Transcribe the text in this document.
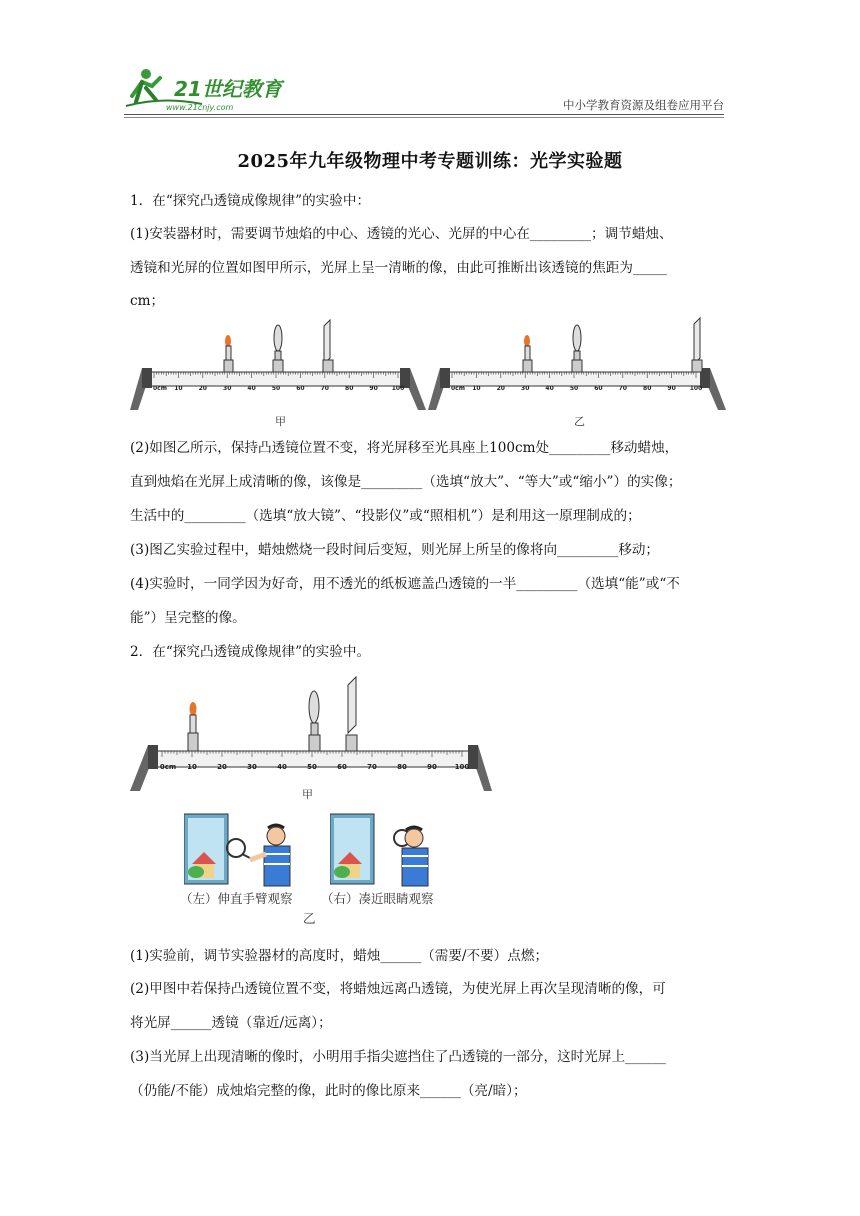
21世纪教育
www.21cnjy.com	中小学教育资源及组卷应用平台
2025年九年级物理中考专题训练：光学实验题
1．在“探究凸透镜成像规律”的实验中：
(1)安装器材时，需要调节烛焰的中心、透镜的光心、光屏的中心在_________；调节蜡烛、
透镜和光屏的位置如图甲所示，光屏上呈一清晰的像，由此可推断出该透镜的焦距为_____
cm；
0cm 10	20	30	40	50	60	70	80	90 100
甲
0cm 10	20	30	40	50	60	70	80	90 100
乙
(2)如图乙所示，保持凸透镜位置不变，将光屏移至光具座上100cm处_________移动蜡烛，
直到烛焰在光屏上成清晰的像，该像是_________（选填“放大”、“等大”或“缩小”）的实像；
生活中的_________（选填“放大镜”、“投影仪”或“照相机”）是利用这一原理制成的；
(3)图乙实验过程中，蜡烛燃烧一段时间后变短，则光屏上所呈的像将向_________移动；
(4)实验时，一同学因为好奇，用不透光的纸板遮盖凸透镜的一半_________（选填“能”或“不
能”）呈完整的像。
2．在“探究凸透镜成像规律”的实验中。
0cm 10	20	30	40	50	60	70	80	90	100
甲
（左）伸直手臂观察 （右）凑近眼睛观察
乙
(1)实验前，调节实验器材的高度时，蜡烛______（需要/不要）点燃；
(2)甲图中若保持凸透镜位置不变，将蜡烛远离凸透镜，为使光屏上再次呈现清晰的像，可
将光屏______透镜（靠近/远离）；
(3)当光屏上出现清晰的像时，小明用手指尖遮挡住了凸透镜的一部分，这时光屏上______
（仍能/不能）成烛焰完整的像，此时的像比原来______（亮/暗）；
